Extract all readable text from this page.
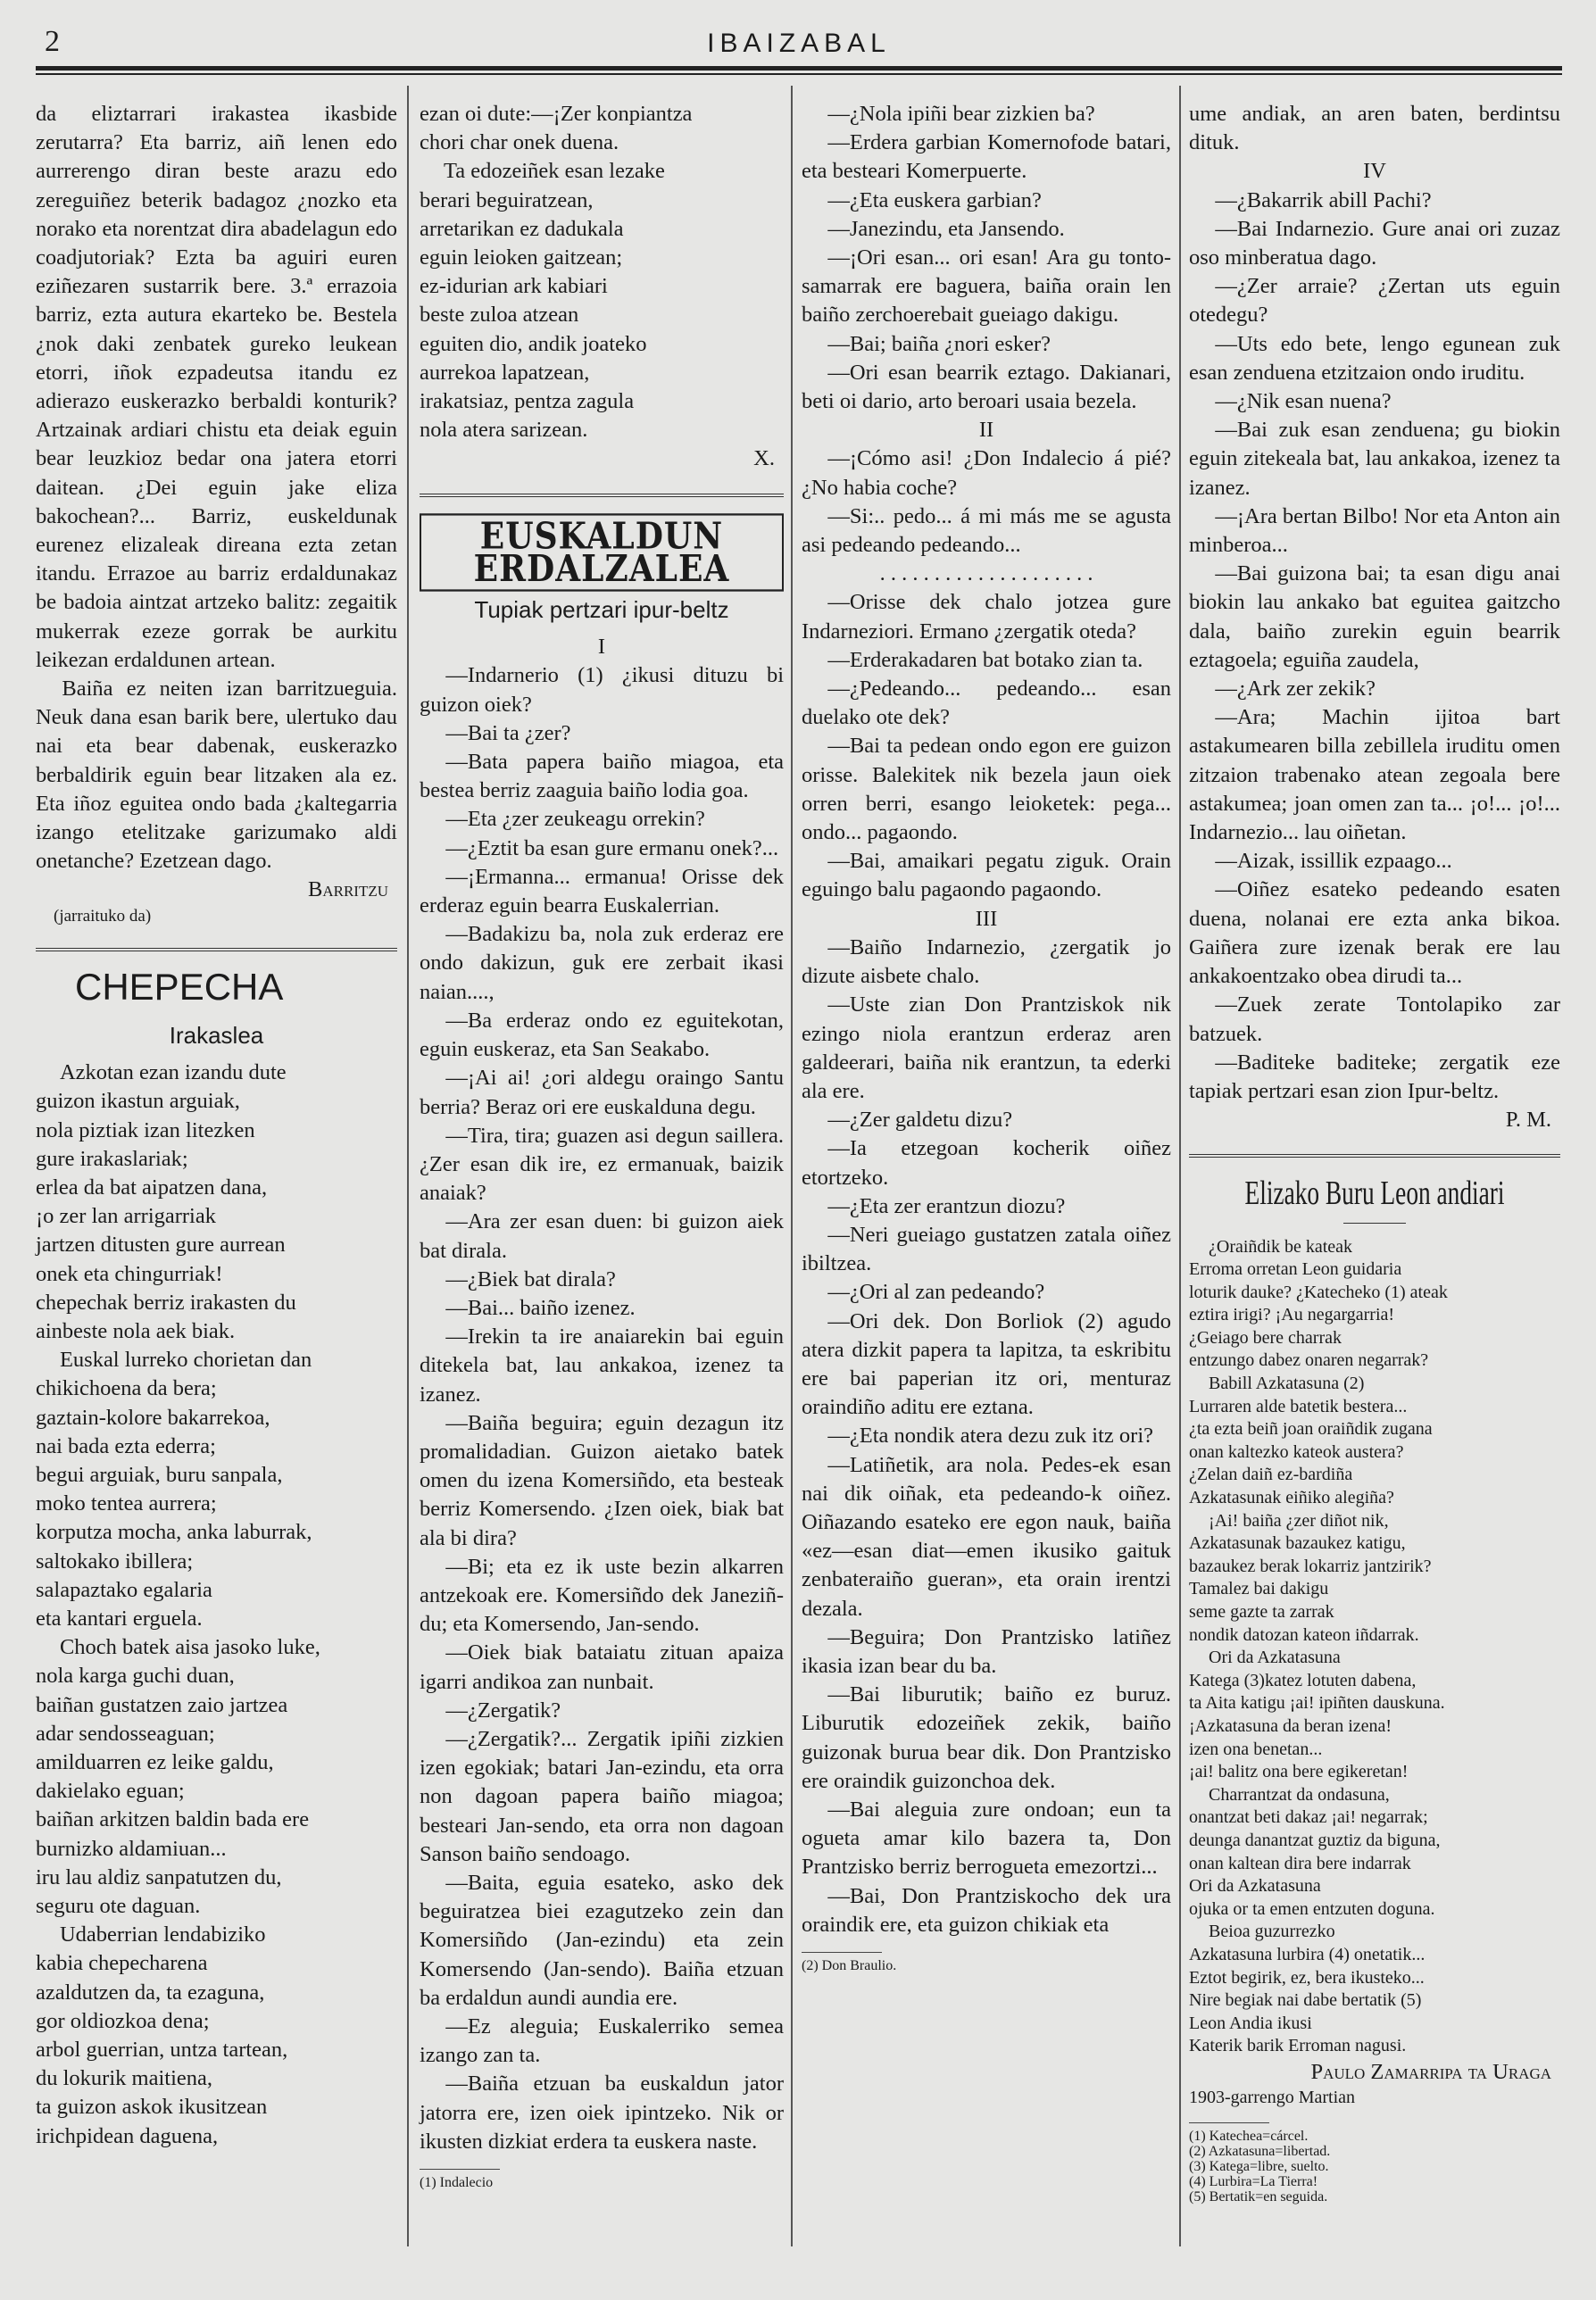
2	IBAIZABAL

da eliztarrari irakastea ikasbide zerutarra? Eta barriz, aiñ lenen edo aurrerengo diran beste arazu edo zereguiñez beterik badagoz ¿nozko eta norako eta norentzat dira abadelagun edo coadjutoriak? Ezta ba aguiri euren eziñezaren sustarrik bere. 3.ª errazoia barriz, ezta autura ekarteko be. Bestela ¿nok daki zenbatek gureko leukean etorri, iñok ezpadeutsa itandu ez adierazo euskerazko berbaldi konturik? Artzainak ardiari chistu eta deiak eguin bear leuzkioz bedar ona jatera etorri daitean. ¿Dei eguin jake eliza bakochean?... Barriz, euskeldunak eurenez elizaleak direana ezta zetan itandu. Errazoe au barriz erdaldunakaz be badoia aintzat artzeko balitz: zegaitik mukerrak ezeze gorrak be aurkitu leikezan erdaldunen artean.

Baiña ez neiten izan barritzueguia. Neuk dana esan barik bere, ulertuko dau nai eta bear dabenak, euskerazko berbaldirik eguin bear litzaken ala ez. Eta iñoz eguitea ondo bada ¿kaltegarria izango etelitzake garizumako aldi onetanche? Ezetzean dago.

Barritzu
(jarraituko da)
CHEPECHA
Irakaslea
Azkotan ezan izandu dute
guizon ikastun arguiak,
nola piztiak izan litezken
gure irakaslariak;
erlea da bat aipatzen dana,
¡o zer lan arrigarriak
jartzen ditusten gure aurrean
onek eta chingurriak!
chepechak berriz irakasten du
ainbeste nola aek biak.
Euskal lurreko chorietan dan
chikichoena da bera;
gaztain-kolore bakarrekoa,
nai bada ezta ederra;
begui arguiak, buru sanpala,
moko tentea aurrera;
korputza mocha, anka laburrak,
saltokako ibillera;
salapaztako egalaria
eta kantari erguela.
Choch batek aisa jasoko luke,
nola karga guchi duan,
baiñan gustatzen zaio jartzea
adar sendosseaguan;
amilduarren ez leike galdu,
dakielako eguan;
baiñan arkitzen baldin bada ere
burnizko aldamiuan...
iru lau aldiz sanpatutzen du,
seguru ote daguan.
Udaberrian lendabiziko
kabia chepecharena
azaldutzen da, ta ezaguna,
gor oldiozkoa dena;
arbol guerrian, untza tartean,
du lokurik maitiena,
ta guizon askok ikusitzean
irichpidean daguena,
ezan oi dute:—¡Zer konpiantza
chori char onek duena.
Ta edozeiñek esan lezake
berari beguiratzean,
arretarikan ez dadukala
eguin leioken gaitzean;
ez-idurian ark kabiari
beste zuloa atzean
eguiten dio, andik joateko
aurrekoa lapatzean,
irakatsiaz, pentza zagula
nola atera sarizean.
X.
EUSKALDUN ERDALZALEA
Tupiak pertzari ipur-beltz
I

—Indarnerio (1) ¿ikusi dituzu bi guizon oiek?

—Bai ta ¿zer?

—Bata papera baiño miagoa, eta bestea berriz zaaguia baiño lodia goa.

—Eta ¿zer zeukeagu orrekin?

—¿Eztit ba esan gure ermanu onek?...

—¡Ermanna... ermanua! Orisse dek erderaz eguin bearra Euskalerrian.

—Badakizu ba, nola zuk erderaz ere ondo dakizun, guk ere zerbait ikasi naian....,

—Ba erderaz ondo ez eguitekotan, eguin euskeraz, eta San Seakabo.

—¡Ai ai! ¿ori aldegu oraingo Santu berria? Beraz ori ere euskalduna degu.

—Tira, tira; guazen asi degun saillera. ¿Zer esan dik ire, ez ermanuak, baizik anaiak?

—Ara zer esan duen: bi guizon aiek bat dirala.

—¿Biek bat dirala?

—Bai... baiño izenez.

—Irekin ta ire anaiarekin bai eguin ditekela bat, lau ankakoa, izenez ta izanez.

—Baiña beguira; eguin dezagun itz promalidadian. Guizon aietako batek omen du izena Komersiñdo, eta besteak berriz Komersendo. ¿Izen oiek, biak bat ala bi dira?

—Bi; eta ez ik uste bezin alkarren antzekoak ere. Komersiñdo dek Janeziñ-du; eta Komersendo, Jan-sendo.

—Oiek biak bataiatu zituan apaiza igarri andikoa zan nunbait.

—¿Zergatik?

—¿Zergatik?... Zergatik ipiñi zizkien izen egokiak; batari Jan-ezindu, eta orra non dagoan papera baiño miagoa; besteari Jan-sendo, eta orra non dagoan Sanson baiño sendoago.

—Baita, eguia esateko, asko dek beguiratzea biei ezagutzeko zein dan Komersiñdo (Jan-ezindu) eta zein Komersendo (Jan-sendo). Baiña etzuan ba erdaldun aundi aundia ere.

—Ez aleguia; Euskalerriko semea izango zan ta.

—Baiña etzuan ba euskaldun jator jatorra ere, izen oiek ipintzeko. Nik or ikusten dizkiat erdera ta euskera naste.

(1) Indalecio

—¿Nola ipiñi bear zizkien ba?

—Erdera garbian Komernofode batari, eta besteari Komerpuerte.

—¿Eta euskera garbian?

—Janezindu, eta Jansendo.

—¡Ori esan... ori esan! Ara gu tonto-samarrak ere baguera, baiña orain len baiño zerchoerebait gueiago dakigu.

—Bai; baiña ¿nori esker?

—Ori esan bearrik eztago. Dakianari, beti oi dario, arto beroari usaia bezela.

II

—¡Cómo asi! ¿Don Indalecio á pié? ¿No habia coche?

—Si:.. pedo... á mi más me se agusta asi pedeando pedeando...

. . . . . . . . . . . . . . . . . . . .

—Orisse dek chalo jotzea gure Indarneziori. Ermano ¿zergatik oteda?

—Erderakadaren bat botako zian ta.

—¿Pedeando... pedeando... esan duelako ote dek?

—Bai ta pedean ondo egon ere guizon orisse. Balekitek nik bezela jaun oiek orren berri, esango leioketek: pega... ondo... pagaondo.

—Bai, amaikari pegatu ziguk. Orain eguingo balu pagaondo pagaondo.

III

—Baiño Indarnezio, ¿zergatik jo dizute aisbete chalo.

—Uste zian Don Prantziskok nik ezingo niola erantzun erderaz aren galdeerari, baiña nik erantzun, ta ederki ala ere.

—¿Zer galdetu dizu?

—Ia etzegoan kocherik oiñez etortzeko.

—¿Eta zer erantzun diozu?

—Neri gueiago gustatzen zatala oiñez ibiltzea.

—¿Ori al zan pedeando?

—Ori dek. Don Borliok (2) agudo atera dizkit papera ta lapitza, ta eskribitu ere bai paperian itz ori, menturaz oraindiño aditu ere eztana.

—¿Eta nondik atera dezu zuk itz ori?

—Latiñetik, ara nola. Pedes-ek esan nai dik oiñak, eta pedeando-k oiñez. Oiñazando esateko ere egon nauk, baiña «ez—esan diat—emen ikusiko gaituk zenbateraiño gueran», eta orain irentzi dezala.

—Beguira; Don Prantzisko latiñez ikasia izan bear du ba.

—Bai liburutik; baiño ez buruz. Liburutik edozeiñek zekik, baiño guizonak burua bear dik. Don Prantzisko ere oraindik guizonchoa dek.

—Bai aleguia zure ondoan; eun ta ogueta amar kilo bazera ta, Don Prantzisko berriz berrogueta emezortzi...

—Bai, Don Prantziskocho dek ura oraindik ere, eta guizon chikiak eta

(2) Don Braulio.

ume andiak, an aren baten, berdintsu dituk.

IV

—¿Bakarrik abill Pachi?

—Bai Indarnezio. Gure anai ori zuzaz oso minberatua dago.

—¿Zer arraie? ¿Zertan uts eguin otedegu?

—Uts edo bete, lengo egunean zuk esan zenduena etzitzaion ondo iruditu.

—¿Nik esan nuena?

—Bai zuk esan zenduena; gu biokin eguin zitekeala bat, lau ankakoa, izenez ta izanez.

—¡Ara bertan Bilbo! Nor eta Anton ain minberoa...

—Bai guizona bai; ta esan digu anai biokin lau ankako bat eguitea gaitzcho dala, baiño zurekin eguin bearrik eztagoela; eguiña zaudela,

—¿Ark zer zekik?

—Ara; Machin ijitoa bart astakumearen billa zebillela iruditu omen zitzaion trabenako atean zegoala bere astakumea; joan omen zan ta... ¡o!... ¡o!... Indarnezio... lau oiñetan.

—Aizak, issillik ezpaago...

—Oiñez esateko pedeando esaten duena, nolanai ere ezta anka bikoa. Gaiñera zure izenak berak ere lau ankakoentzako obea dirudi ta...

—Zuek zerate Tontolapiko zar batzuek.

—Baditeke baditeke; zergatik eze tapiak pertzari esan zion Ipur-beltz.

P. M.
Elizako Buru Leon andiari
¿Oraiñdik be kateak
Erroma orretan Leon guidaria
loturik dauke? ¿Katecheko (1) ateak
eztira irigi? ¡Au negargarria!
¿Geiago bere charrak
entzungo dabez onaren negarrak?
Babill Azkatasuna (2)
Lurraren alde batetik bestera...
¿ta ezta beiñ joan oraiñdik zugana
onan kaltezko kateok austera?
¿Zelan daiñ ez-bardiña
Azkatasunak eiñiko alegiña?
¡Ai! baiña ¿zer diñot nik,
Azkatasunak bazaukez katigu,
bazaukez berak lokarriz jantzirik?
Tamalez bai dakigu
seme gazte ta zarrak
nondik datozan kateon iñdarrak.
Ori da Azkatasuna
Katega (3)katez lotuten dabena,
ta Aita katigu ¡ai! ipiñten dauskuna.
¡Azkatasuna da beran izena!
izen ona benetan...
¡ai! balitz ona bere egikeretan!
Charrantzat da ondasuna,
onantzat beti dakaz ¡ai! negarrak;
deunga danantzat guztiz da biguna,
onan kaltean dira bere indarrak
Ori da Azkatasuna
ojuka or ta emen entzuten doguna.
Beioa guzurrezko
Azkatasuna lurbira (4) onetatik...
Eztot begirik, ez, bera ikusteko...
Nire begiak nai dabe bertatik (5)
Leon Andia ikusi
Katerik barik Erroman nagusi.
Paulo Zamarripa ta Uraga
1903-garrengo Martian
(1) Katechea=cárcel.
(2) Azkatasuna=libertad.
(3) Katega=libre, suelto.
(4) Lurbira=La Tierra!
(5) Bertatik=en seguida.
